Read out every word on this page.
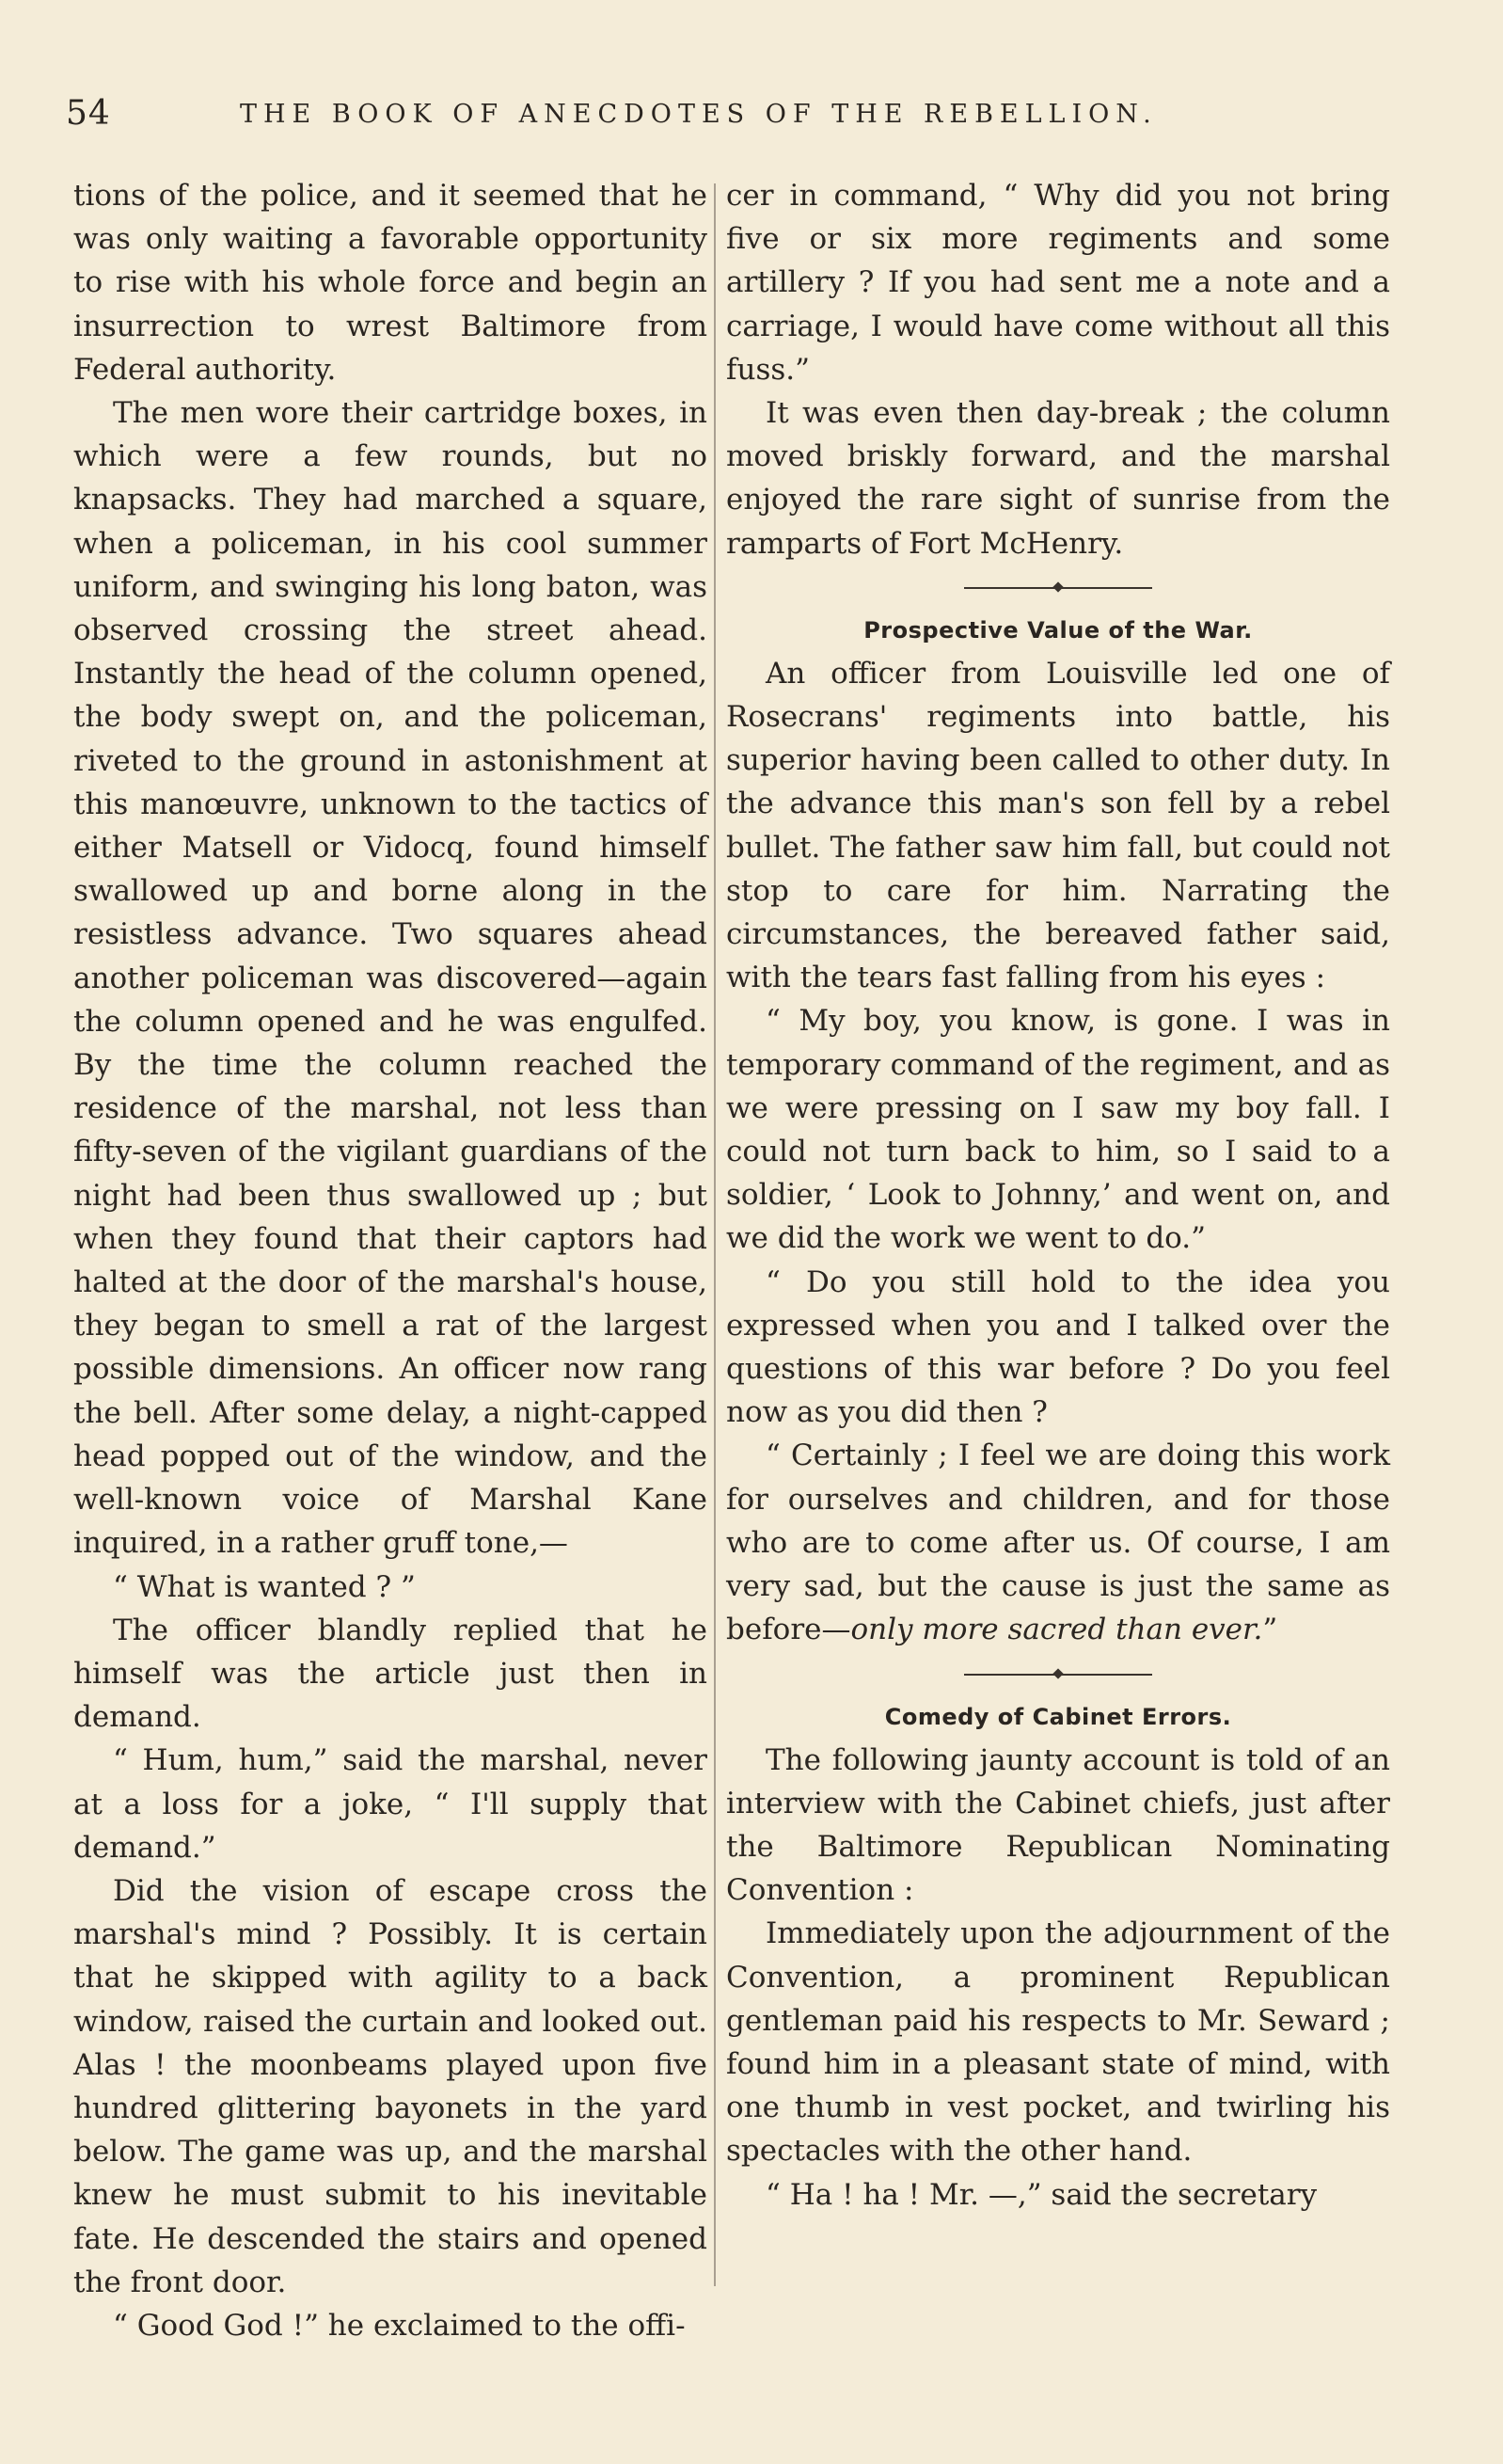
54	THE BOOK OF ANECDOTES OF THE REBELLION.

tions of the police, and it seemed that he was only waiting a favorable opportunity to rise with his whole force and begin an insurrection to wrest Baltimore from Federal authority.

The men wore their cartridge boxes, in which were a few rounds, but no knapsacks. They had marched a square, when a policeman, in his cool summer uniform, and swinging his long baton, was observed crossing the street ahead. Instantly the head of the column opened, the body swept on, and the policeman, riveted to the ground in astonishment at this manœuvre, unknown to the tactics of either Matsell or Vidocq, found himself swallowed up and borne along in the resistless advance. Two squares ahead another policeman was discovered—again the column opened and he was engulfed. By the time the column reached the residence of the marshal, not less than fifty-seven of the vigilant guardians of the night had been thus swallowed up ; but when they found that their captors had halted at the door of the marshal's house, they began to smell a rat of the largest possible dimensions. An officer now rang the bell. After some delay, a night-capped head popped out of the window, and the well-known voice of Marshal Kane inquired, in a rather gruff tone,—

“ What is wanted ? ”

The officer blandly replied that he himself was the article just then in demand.

“ Hum, hum,” said the marshal, never at a loss for a joke, “ I'll supply that demand.”

Did the vision of escape cross the marshal's mind ? Possibly. It is certain that he skipped with agility to a back window, raised the curtain and looked out. Alas ! the moonbeams played upon five hundred glittering bayonets in the yard below. The game was up, and the marshal knew he must submit to his inevitable fate. He descended the stairs and opened the front door.

“ Good God !” he exclaimed to the offi-

cer in command, “ Why did you not bring five or six more regiments and some artillery ? If you had sent me a note and a carriage, I would have come without all this fuss.”

It was even then day-break ; the column moved briskly forward, and the marshal enjoyed the rare sight of sunrise from the ramparts of Fort McHenry.

Prospective Value of the War.

An officer from Louisville led one of Rosecrans' regiments into battle, his superior having been called to other duty. In the advance this man's son fell by a rebel bullet. The father saw him fall, but could not stop to care for him. Narrating the circumstances, the bereaved father said, with the tears fast falling from his eyes :

“ My boy, you know, is gone. I was in temporary command of the regiment, and as we were pressing on I saw my boy fall. I could not turn back to him, so I said to a soldier, ‘ Look to Johnny,’ and went on, and we did the work we went to do.”

“ Do you still hold to the idea you expressed when you and I talked over the questions of this war before ? Do you feel now as you did then ?

“ Certainly ; I feel we are doing this work for ourselves and children, and for those who are to come after us. Of course, I am very sad, but the cause is just the same as before—only more sacred than ever.”

Comedy of Cabinet Errors.

The following jaunty account is told of an interview with the Cabinet chiefs, just after the Baltimore Republican Nominating Convention :

Immediately upon the adjournment of the Convention, a prominent Republican gentleman paid his respects to Mr. Seward ; found him in a pleasant state of mind, with one thumb in vest pocket, and twirling his spectacles with the other hand.

“ Ha ! ha ! Mr. —,” said the secretary
